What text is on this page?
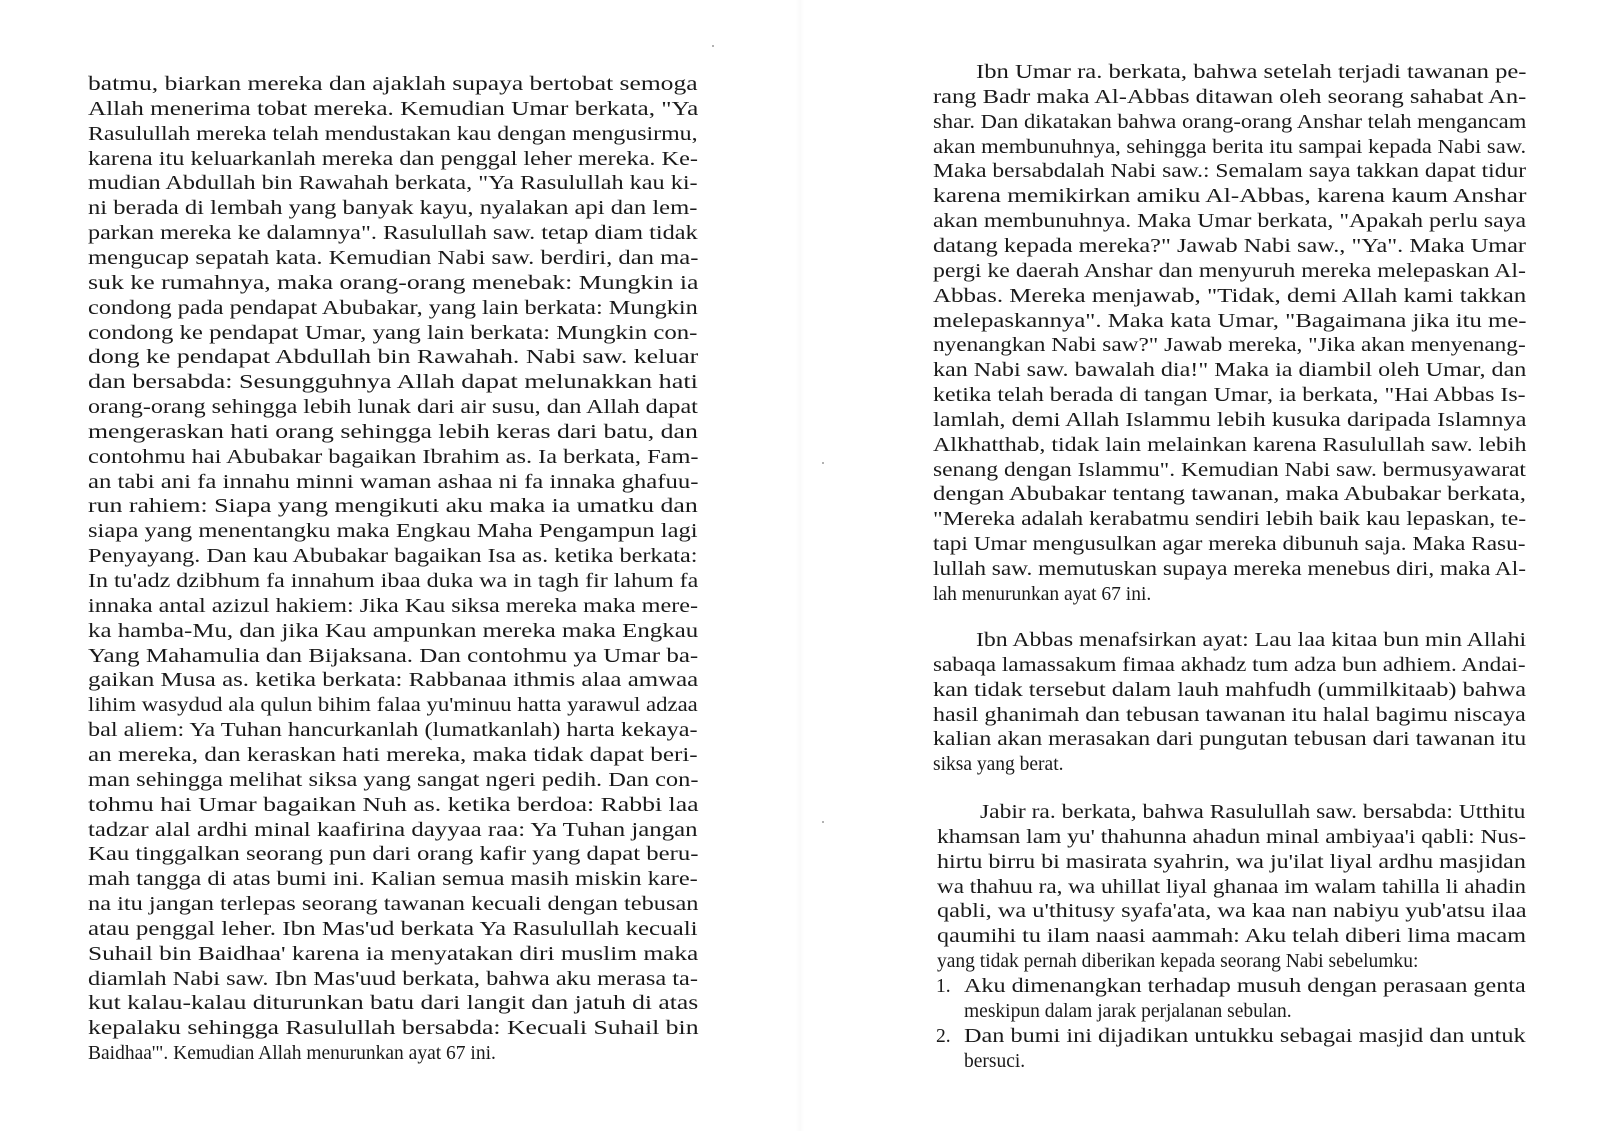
batmu, biarkan mereka dan ajaklah supaya bertobat semoga
Allah menerima tobat mereka. Kemudian Umar berkata, "Ya
Rasulullah mereka telah mendustakan kau dengan mengusirmu,
karena itu keluarkanlah mereka dan penggal leher mereka. Ke-
mudian Abdullah bin Rawahah berkata, "Ya Rasulullah kau ki-
ni berada di lembah yang banyak kayu, nyalakan api dan lem-
parkan mereka ke dalamnya". Rasulullah saw. tetap diam tidak
mengucap sepatah kata. Kemudian Nabi saw. berdiri, dan ma-
suk ke rumahnya, maka orang-orang menebak: Mungkin ia
condong pada pendapat Abubakar, yang lain berkata: Mungkin
condong ke pendapat Umar, yang lain berkata: Mungkin con-
dong ke pendapat Abdullah bin Rawahah. Nabi saw. keluar
dan bersabda: Sesungguhnya Allah dapat melunakkan hati
orang-orang sehingga lebih lunak dari air susu, dan Allah dapat
mengeraskan hati orang sehingga lebih keras dari batu, dan
contohmu hai Abubakar bagaikan Ibrahim as. Ia berkata, Fam-
an tabi ani fa innahu minni waman ashaa ni fa innaka ghafuu-
run rahiem: Siapa yang mengikuti aku maka ia umatku dan
siapa yang menentangku maka Engkau Maha Pengampun lagi
Penyayang. Dan kau Abubakar bagaikan Isa as. ketika berkata:
In tu'adz dzibhum fa innahum ibaa duka wa in tagh fir lahum fa
innaka antal azizul hakiem: Jika Kau siksa mereka maka mere-
ka hamba-Mu, dan jika Kau ampunkan mereka maka Engkau
Yang Mahamulia dan Bijaksana. Dan contohmu ya Umar ba-
gaikan Musa as. ketika berkata: Rabbanaa ithmis alaa amwaa
lihim wasydud ala qulun bihim falaa yu'minuu hatta yarawul adzaa
bal aliem: Ya Tuhan hancurkanlah (lumatkanlah) harta kekaya-
an mereka, dan keraskan hati mereka, maka tidak dapat beri-
man sehingga melihat siksa yang sangat ngeri pedih. Dan con-
tohmu hai Umar bagaikan Nuh as. ketika berdoa: Rabbi laa
tadzar alal ardhi minal kaafirina dayyaa raa: Ya Tuhan jangan
Kau tinggalkan seorang pun dari orang kafir yang dapat beru-
mah tangga di atas bumi ini. Kalian semua masih miskin kare-
na itu jangan terlepas seorang tawanan kecuali dengan tebusan
atau penggal leher. Ibn Mas'ud berkata Ya Rasulullah kecuali
Suhail bin Baidhaa' karena ia menyatakan diri muslim maka
diamlah Nabi saw. Ibn Mas'uud berkata, bahwa aku merasa ta-
kut kalau-kalau diturunkan batu dari langit dan jatuh di atas
kepalaku sehingga Rasulullah bersabda: Kecuali Suhail bin
Baidhaa'". Kemudian Allah menurunkan ayat 67 ini.
Ibn Umar ra. berkata, bahwa setelah terjadi tawanan pe-
rang Badr maka Al-Abbas ditawan oleh seorang sahabat An-
shar. Dan dikatakan bahwa orang-orang Anshar telah mengancam
akan membunuhnya, sehingga berita itu sampai kepada Nabi saw.
Maka bersabdalah Nabi saw.: Semalam saya takkan dapat tidur
karena memikirkan amiku Al-Abbas, karena kaum Anshar
akan membunuhnya. Maka Umar berkata, "Apakah perlu saya
datang kepada mereka?" Jawab Nabi saw., "Ya". Maka Umar
pergi ke daerah Anshar dan menyuruh mereka melepaskan Al-
Abbas. Mereka menjawab, "Tidak, demi Allah kami takkan
melepaskannya". Maka kata Umar, "Bagaimana jika itu me-
nyenangkan Nabi saw?" Jawab mereka, "Jika akan menyenang-
kan Nabi saw. bawalah dia!" Maka ia diambil oleh Umar, dan
ketika telah berada di tangan Umar, ia berkata, "Hai Abbas Is-
lamlah, demi Allah Islammu lebih kusuka daripada Islamnya
Alkhatthab, tidak lain melainkan karena Rasulullah saw. lebih
senang dengan Islammu". Kemudian Nabi saw. bermusyawarat
dengan Abubakar tentang tawanan, maka Abubakar berkata,
"Mereka adalah kerabatmu sendiri lebih baik kau lepaskan, te-
tapi Umar mengusulkan agar mereka dibunuh saja. Maka Rasu-
lullah saw. memutuskan supaya mereka menebus diri, maka Al-
lah menurunkan ayat 67 ini.
Ibn Abbas menafsirkan ayat: Lau laa kitaa bun min Allahi
sabaqa lamassakum fimaa akhadz tum adza bun adhiem. Andai-
kan tidak tersebut dalam lauh mahfudh (ummilkitaab) bahwa
hasil ghanimah dan tebusan tawanan itu halal bagimu niscaya
kalian akan merasakan dari pungutan tebusan dari tawanan itu
siksa yang berat.
Jabir ra. berkata, bahwa Rasulullah saw. bersabda: Utthitu
khamsan lam yu' thahunna ahadun minal ambiyaa'i qabli: Nus-
hirtu birru bi masirata syahrin, wa ju'ilat liyal ardhu masjidan
wa thahuu ra, wa uhillat liyal ghanaa im walam tahilla li ahadin
qabli, wa u'thitusy syafa'ata, wa kaa nan nabiyu yub'atsu ilaa
qaumihi tu ilam naasi aammah: Aku telah diberi lima macam
yang tidak pernah diberikan kepada seorang Nabi sebelumku:
1. Aku dimenangkan terhadap musuh dengan perasaan genta
meskipun dalam jarak perjalanan sebulan.
2. Dan bumi ini dijadikan untukku sebagai masjid dan untuk
bersuci.
